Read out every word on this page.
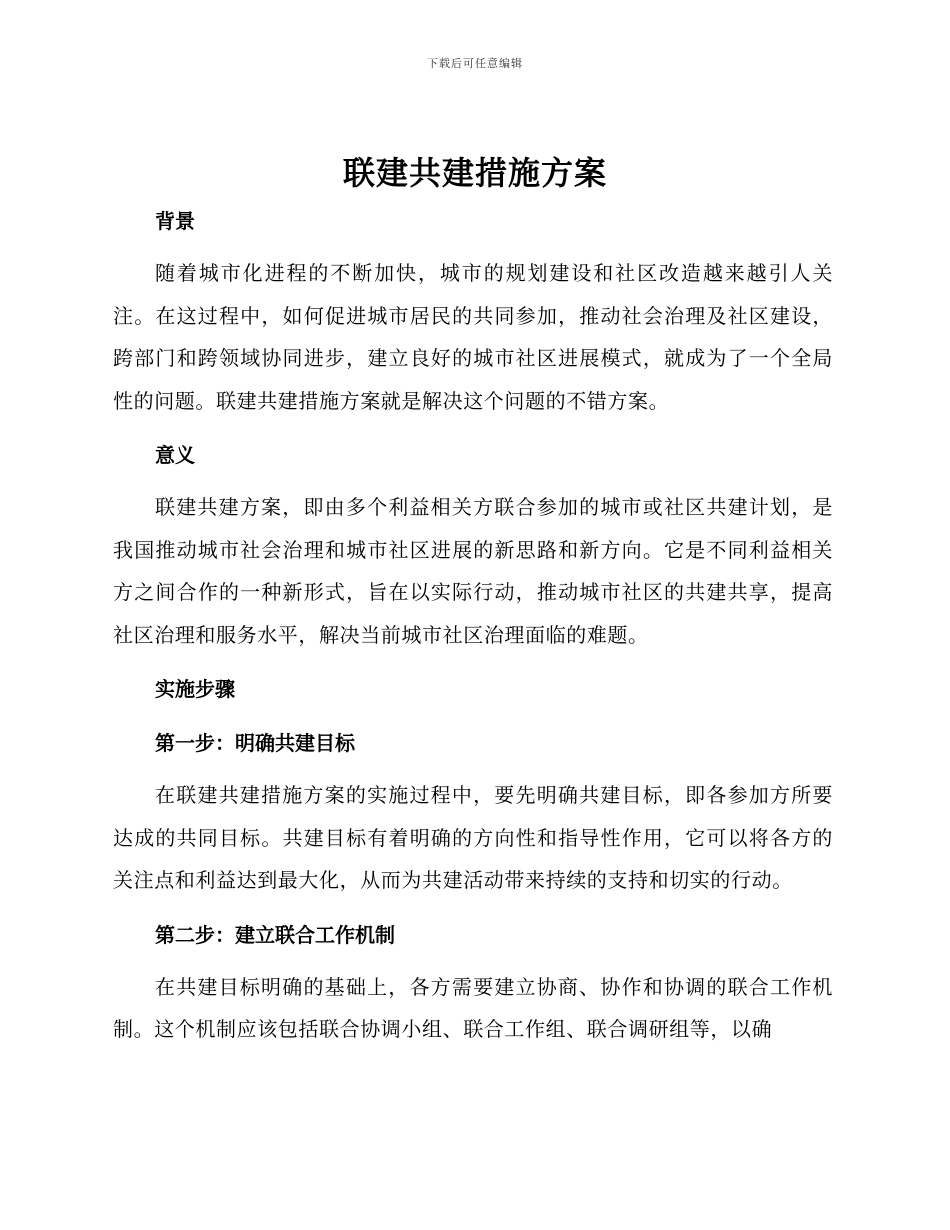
下载后可任意编辑
联建共建措施方案

背景

随着城市化进程的不断加快，城市的规划建设和社区改造越来越引人关注。在这过程中，如何促进城市居民的共同参加，推动社会治理及社区建设，跨部门和跨领域协同进步，建立良好的城市社区进展模式，就成为了一个全局性的问题。联建共建措施方案就是解决这个问题的不错方案。

意义

联建共建方案，即由多个利益相关方联合参加的城市或社区共建计划，是我国推动城市社会治理和城市社区进展的新思路和新方向。它是不同利益相关方之间合作的一种新形式，旨在以实际行动，推动城市社区的共建共享，提高社区治理和服务水平，解决当前城市社区治理面临的难题。

实施步骤

第一步：明确共建目标

在联建共建措施方案的实施过程中，要先明确共建目标，即各参加方所要达成的共同目标。共建目标有着明确的方向性和指导性作用，它可以将各方的关注点和利益达到最大化，从而为共建活动带来持续的支持和切实的行动。

第二步：建立联合工作机制

在共建目标明确的基础上，各方需要建立协商、协作和协调的联合工作机制。这个机制应该包括联合协调小组、联合工作组、联合调研组等，以确
